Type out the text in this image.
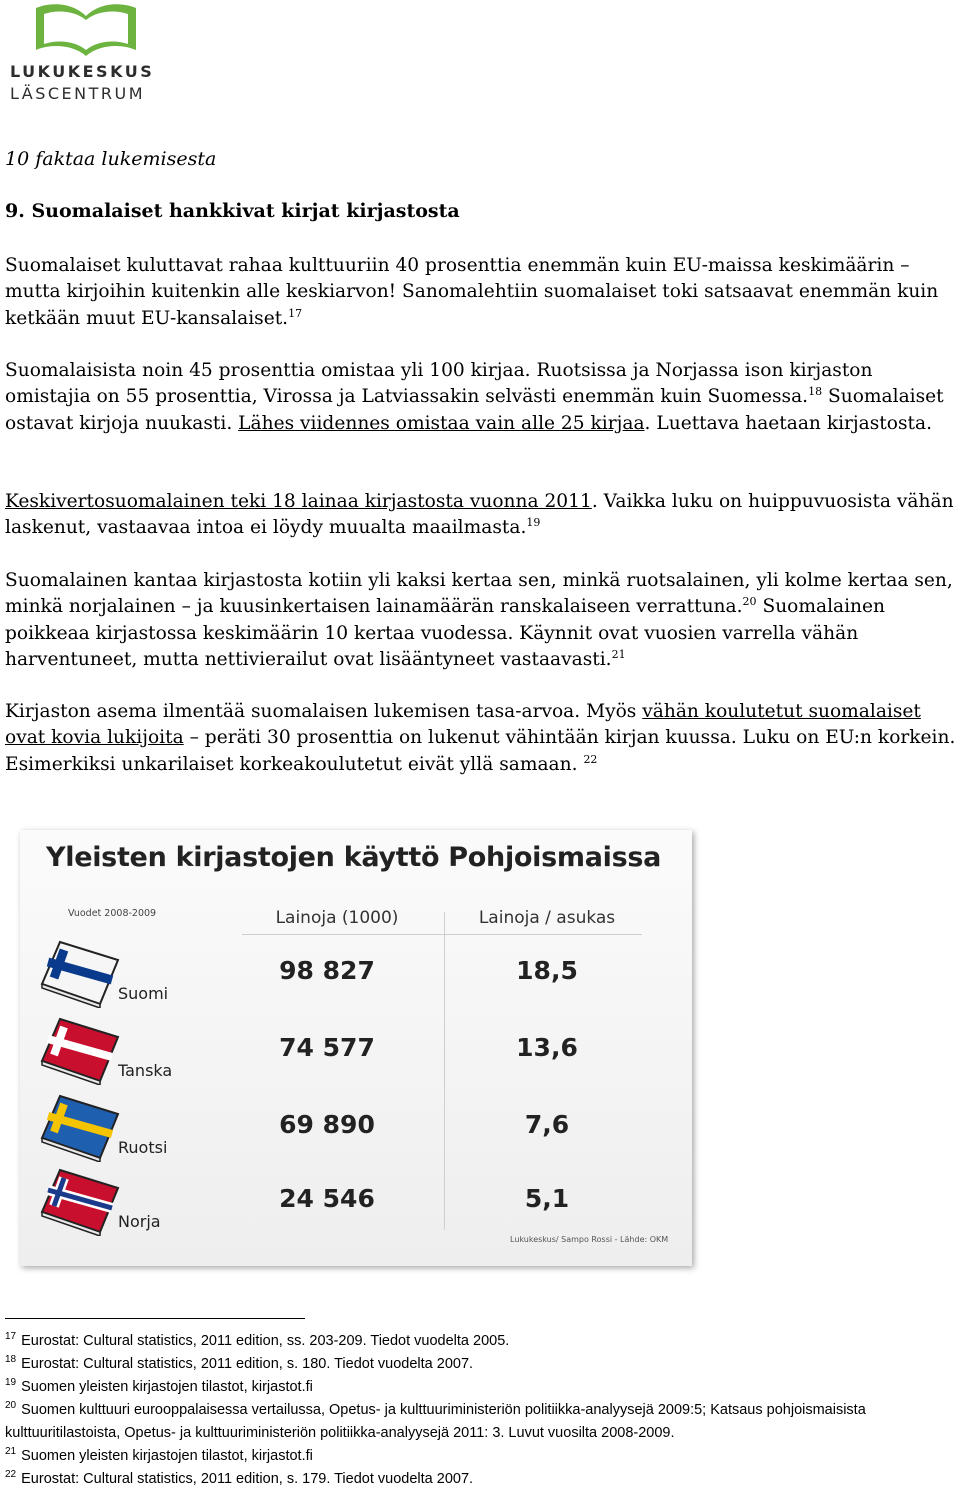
LUKUKESKUS
LÄSCENTRUM
10 faktaa lukemisesta
9. Suomalaiset hankkivat kirjat kirjastosta
Suomalaiset kuluttavat rahaa kulttuuriin 40 prosenttia enemmän kuin EU-maissa keskimäärin – mutta kirjoihin kuitenkin alle keskiarvon! Sanomalehtiin suomalaiset toki satsaavat enemmän kuin ketkään muut EU-kansalaiset.$^{17}$
Suomalaisista noin 45 prosenttia omistaa yli 100 kirjaa. Ruotsissa ja Norjassa ison kirjaston omistajia on 55 prosenttia, Virossa ja Latviassakin selvästi enemmän kuin Suomessa.$^{18}$ Suomalaiset ostavat kirjoja nuukasti. Lähes viidennes omistaa vain alle 25 kirjaa. Luettava haetaan kirjastosta.
Keskivertosuomalainen teki 18 lainaa kirjastosta vuonna 2011. Vaikka luku on huippuvuosista vähän laskenut, vastaavaa intoa ei löydy muualta maailmasta.$^{19}$
Suomalainen kantaa kirjastosta kotiin yli kaksi kertaa sen, minkä ruotsalainen, yli kolme kertaa sen, minkä norjalainen – ja kuusinkertaisen lainamäärän ranskalaiseen verrattuna.$^{20}$ Suomalainen poikkeaa kirjastossa keskimäärin 10 kertaa vuodessa. Käynnit ovat vuosien varrella vähän harventuneet, mutta nettivierailut ovat lisääntyneet vastaavasti.$^{21}$
Kirjaston asema ilmentää suomalaisen lukemisen tasa-arvoa. Myös vähän koulutetut suomalaiset ovat kovia lukijoita – peräti 30 prosenttia on lukenut vähintään kirjan kuussa. Luku on EU:n korkein. Esimerkiksi unkarilaiset korkeakoulutetut eivät yllä samaan. $^{22}$
Yleisten kirjastojen käyttö Pohjoismaissa
Vuodet 2008-2009	Lainoja (1000)	Lainoja / asukas
Suomi
98 827	18,5
Tanska
74 577	13,6
Ruotsi
69 890	7,6
Norja
24 546	5,1
Lukukeskus/ Sampo Rossi - Lähde: OKM
$^{17}$ Eurostat: Cultural statistics, 2011 edition, ss. 203-209. Tiedot vuodelta 2005.
$^{18}$ Eurostat: Cultural statistics, 2011 edition, s. 180. Tiedot vuodelta 2007.
$^{19}$ Suomen yleisten kirjastojen tilastot, kirjastot.fi
$^{20}$ Suomen kulttuuri eurooppalaisessa vertailussa, Opetus- ja kulttuuriministeriön politiikka-analyysejä 2009:5; Katsaus pohjoismaisista kulttuuritilastoista, Opetus- ja kulttuuriministeriön politiikka-analyysejä 2011: 3. Luvut vuosilta 2008-2009.
$^{21}$ Suomen yleisten kirjastojen tilastot, kirjastot.fi
$^{22}$ Eurostat: Cultural statistics, 2011 edition, s. 179. Tiedot vuodelta 2007.
